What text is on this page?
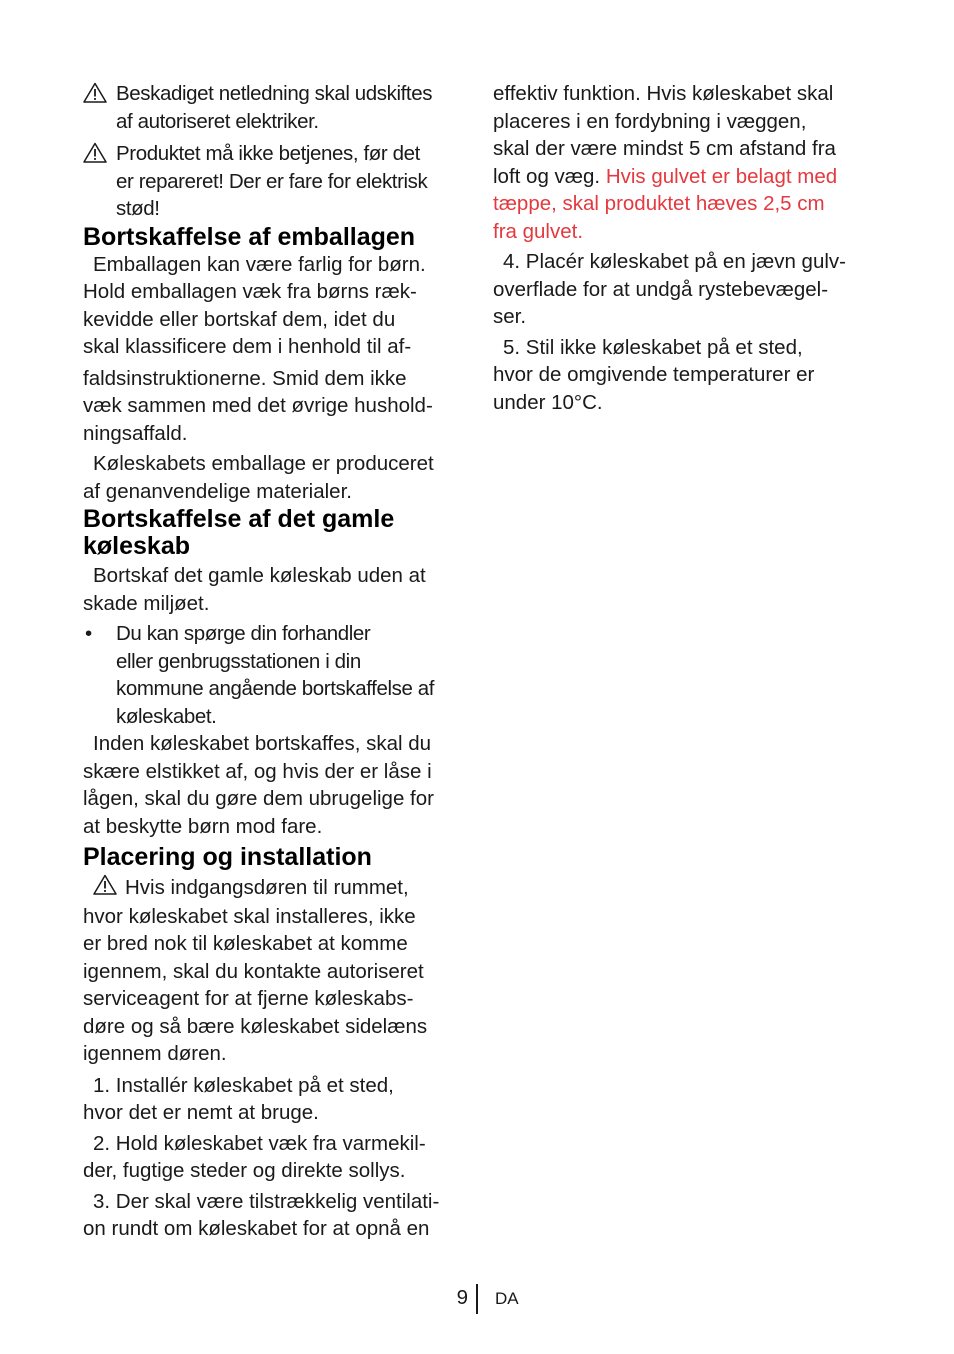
Beskadiget netledning skal udskiftes
af autoriseret elektriker.
Produktet må ikke betjenes, før det
er repareret! Der er fare for elektrisk
stød!
Bortskaffelse af emballagen
Emballagen kan være farlig for børn.
Hold emballagen væk fra børns ræk-
kevidde eller bortskaf dem, idet du
skal klassificere dem i henhold til af-
faldsinstruktionerne. Smid dem ikke
væk sammen med det øvrige hushold-
ningsaffald.
Køleskabets emballage er produceret
af genanvendelige materialer.
Bortskaffelse af det gamle
køleskab
Bortskaf det gamle køleskab uden at
skade miljøet.
• Du kan spørge din forhandler
eller genbrugsstationen i din
kommune angående bortskaffelse af
køleskabet.
Inden køleskabet bortskaffes, skal du
skære elstikket af, og hvis der er låse i
lågen, skal du gøre dem ubrugelige for
at beskytte børn mod fare.
Placering og installation
Hvis indgangsdøren til rummet,
hvor køleskabet skal installeres, ikke
er bred nok til køleskabet at komme
igennem, skal du kontakte autoriseret
serviceagent for at fjerne køleskabs-
døre og så bære køleskabet sidelæns
igennem døren.
1. Installér køleskabet på et sted,
hvor det er nemt at bruge.
2. Hold køleskabet væk fra varmekil-
der, fugtige steder og direkte sollys.
3. Der skal være tilstrækkelig ventilati-
on rundt om køleskabet for at opnå en
effektiv funktion. Hvis køleskabet skal
placeres i en fordybning i væggen,
skal der være mindst 5 cm afstand fra
loft og væg. Hvis gulvet er belagt med
tæppe, skal produktet hæves 2,5 cm
fra gulvet.
4. Placér køleskabet på en jævn gulv-
overflade for at undgå rystebevægel-
ser.
5. Stil ikke køleskabet på et sted,
hvor de omgivende temperaturer er
under 10°C.
9 DA
